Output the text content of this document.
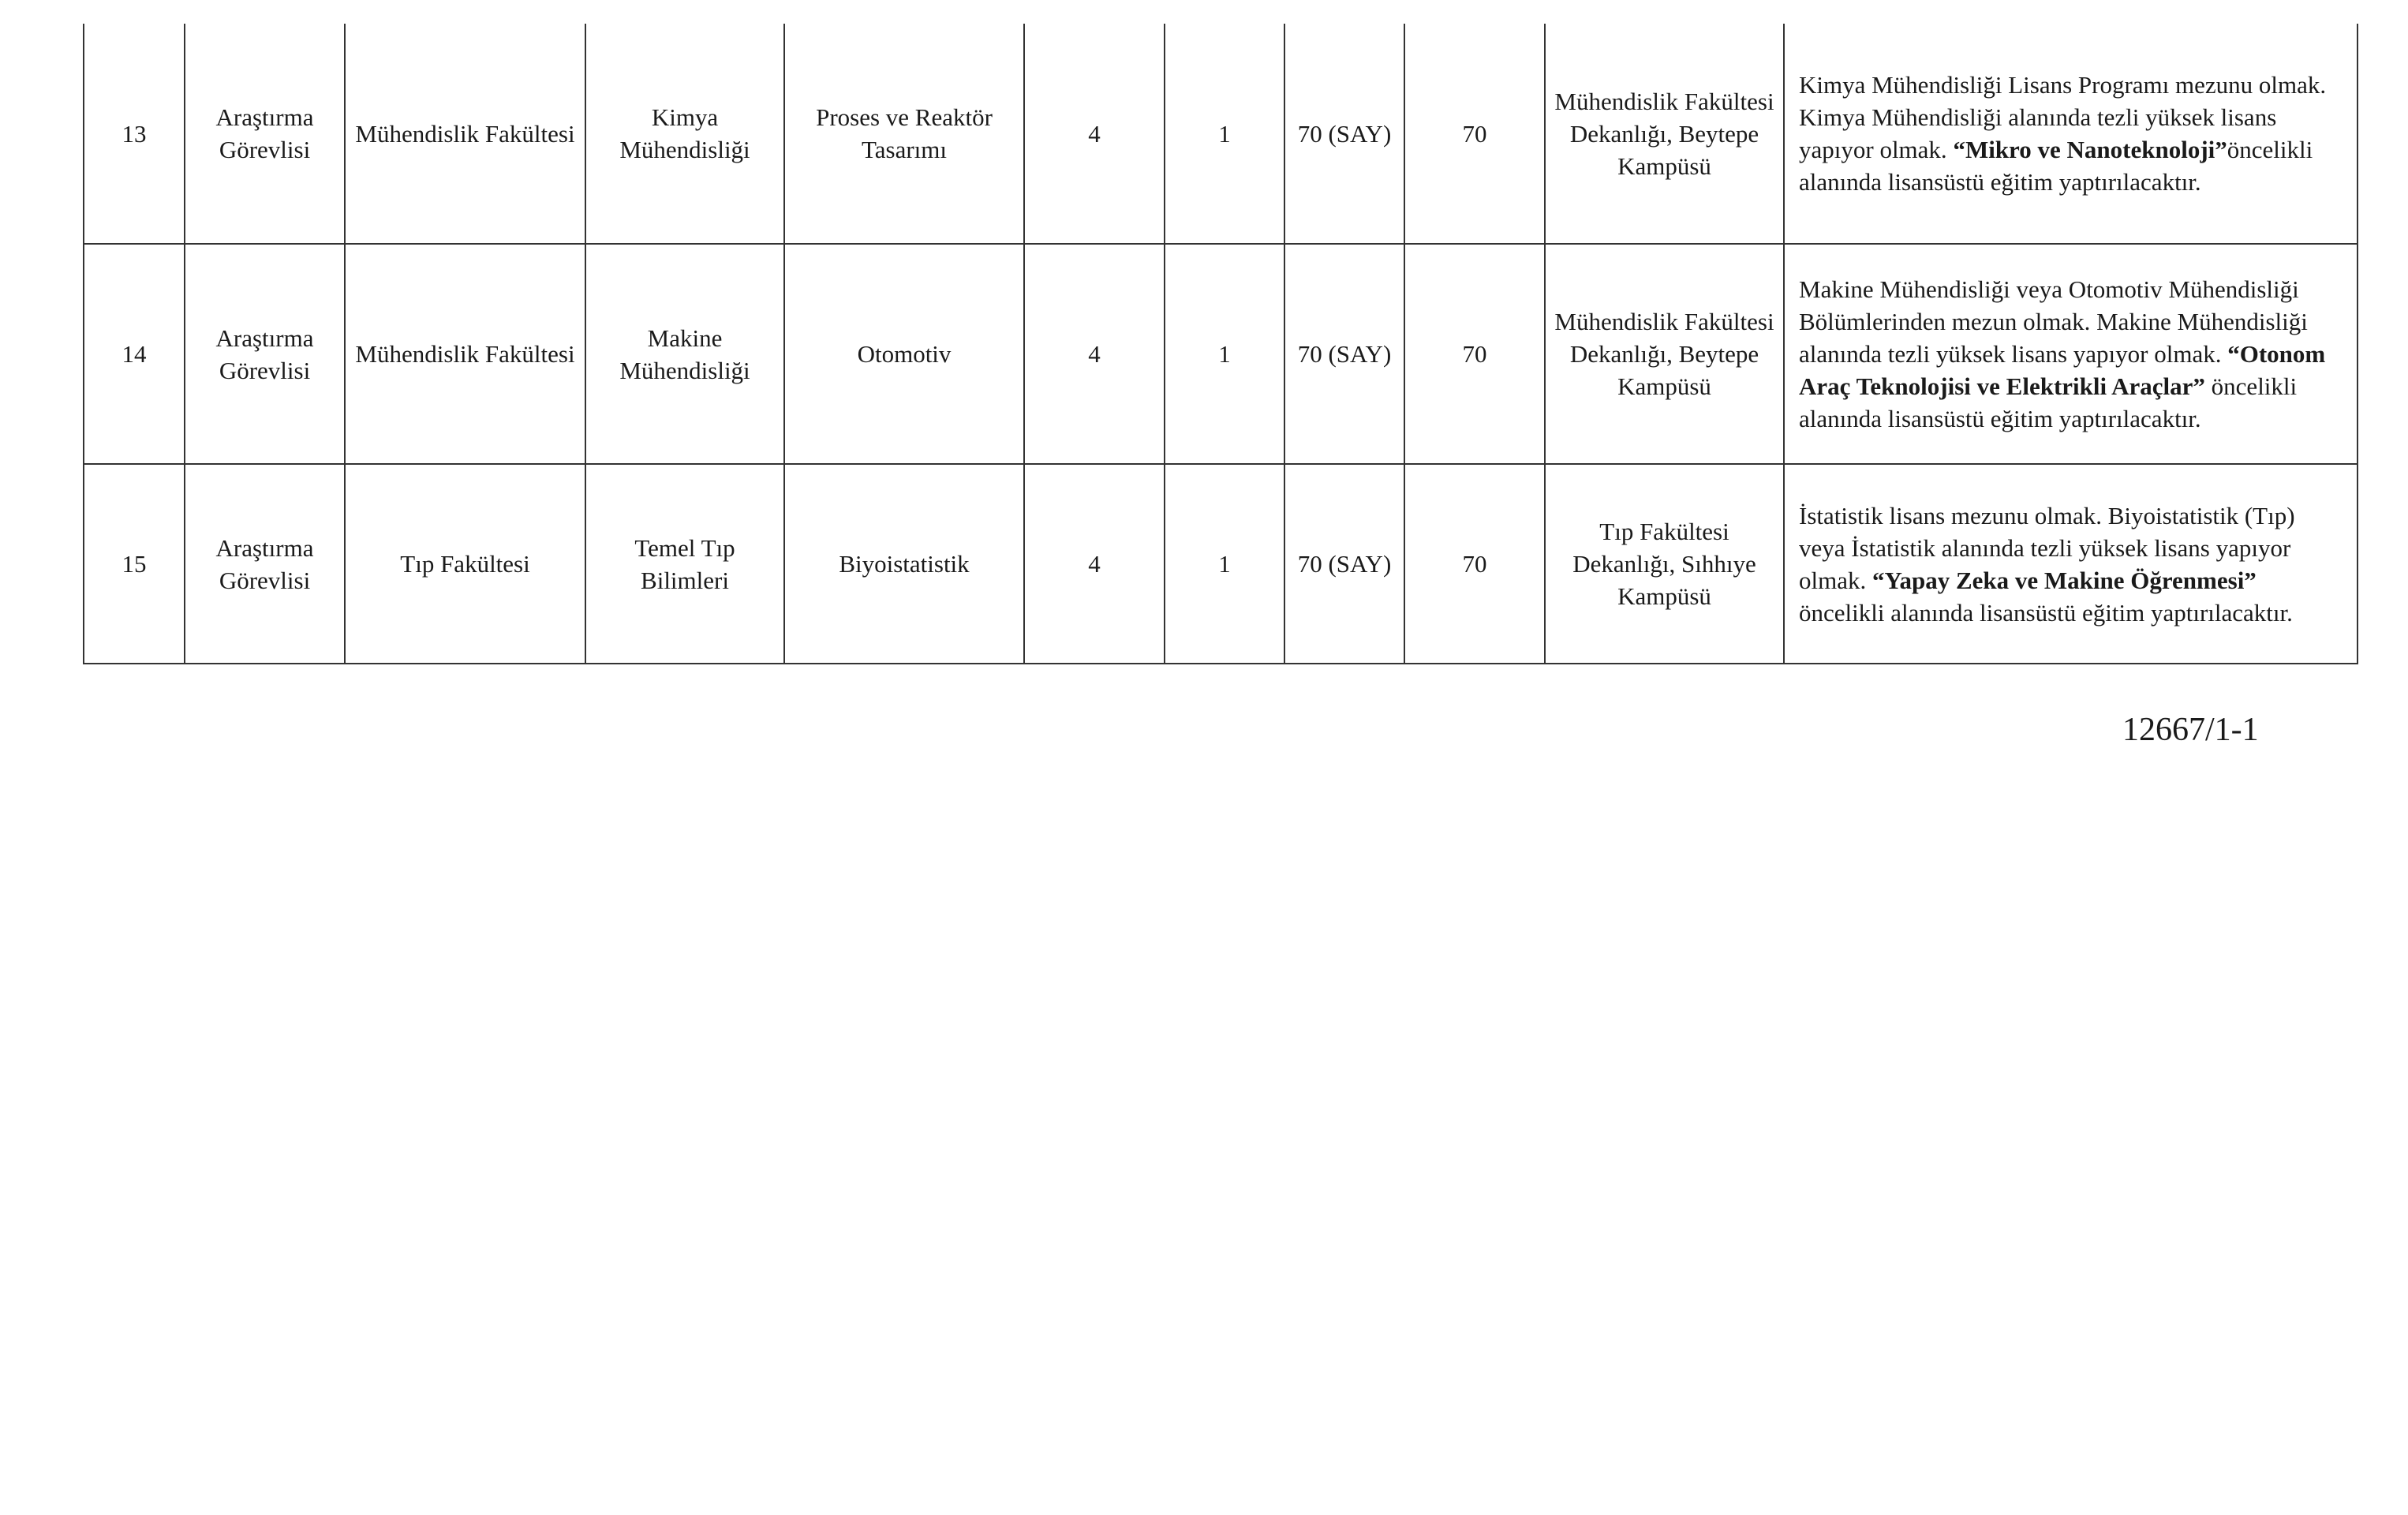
13	Araştırma Görevlisi	Mühendislik Fakültesi	Kimya Mühendisliği	Proses ve Reaktör Tasarımı	4	1	70 (SAY)	70	Mühendislik Fakültesi Dekanlığı, Beytepe Kampüsü	Kimya Mühendisliği Lisans Programı mezunu olmak. Kimya Mühendisliği alanında tezli yüksek lisans yapıyor olmak. “Mikro ve Nanoteknoloji”öncelikli alanında lisansüstü eğitim yaptırılacaktır.
14	Araştırma Görevlisi	Mühendislik Fakültesi	Makine Mühendisliği	Otomotiv	4	1	70 (SAY)	70	Mühendislik Fakültesi Dekanlığı, Beytepe Kampüsü	Makine Mühendisliği veya Otomotiv Mühendisliği Bölümlerinden mezun olmak. Makine Mühendisliği alanında tezli yüksek lisans yapıyor olmak. “Otonom Araç Teknolojisi ve Elektrikli Araçlar” öncelikli alanında lisansüstü eğitim yaptırılacaktır.
15	Araştırma Görevlisi	Tıp Fakültesi	Temel Tıp Bilimleri	Biyoistatistik	4	1	70 (SAY)	70	Tıp Fakültesi Dekanlığı, Sıhhıye Kampüsü	İstatistik lisans mezunu olmak. Biyoistatistik (Tıp) veya İstatistik alanında tezli yüksek lisans yapıyor olmak. “Yapay Zeka ve Makine Öğrenmesi” öncelikli alanında lisansüstü eğitim yaptırılacaktır.
12667/1-1
